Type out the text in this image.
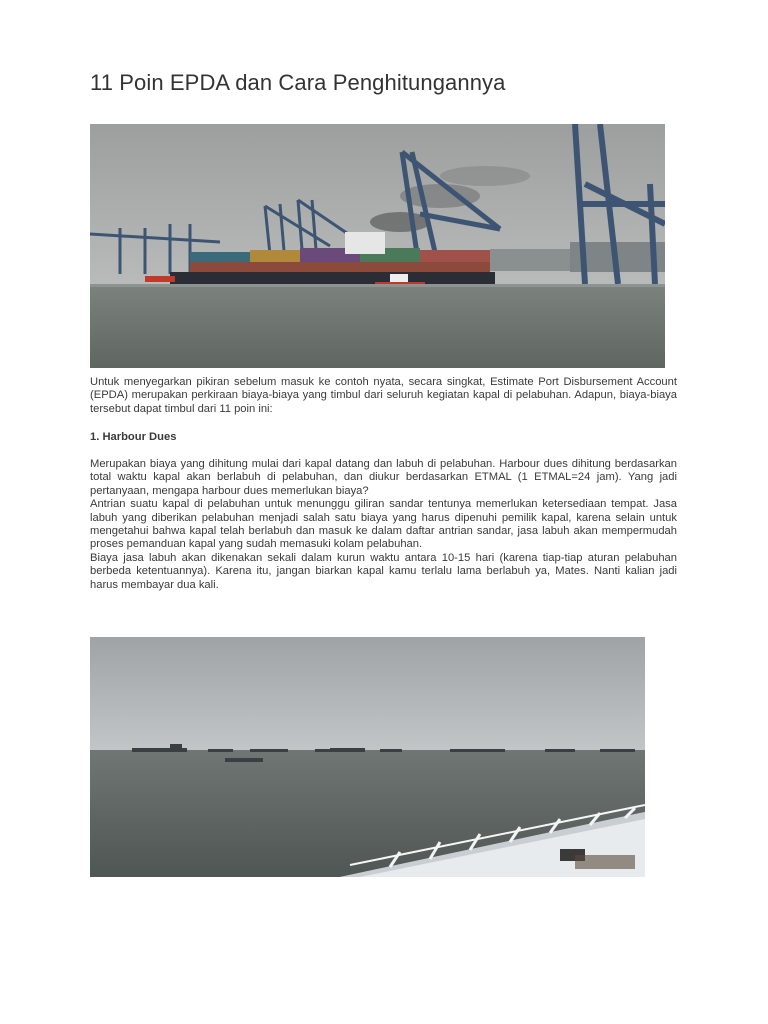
11 Poin EPDA dan Cara Penghitungannya

Untuk menyegarkan pikiran sebelum masuk ke contoh nyata, secara singkat, Estimate Port Disbursement Account (EPDA) merupakan perkiraan biaya-biaya yang timbul dari seluruh kegiatan kapal di pelabuhan. Adapun, biaya-biaya tersebut dapat timbul dari 11 poin ini:

1. Harbour Dues

Merupakan biaya yang dihitung mulai dari kapal datang dan labuh di pelabuhan. Harbour dues dihitung berdasarkan total waktu kapal akan berlabuh di pelabuhan, dan diukur berdasarkan ETMAL (1 ETMAL=24 jam). Yang jadi pertanyaan, mengapa harbour dues memerlukan biaya?

Antrian suatu kapal di pelabuhan untuk menunggu giliran sandar tentunya memerlukan ketersediaan tempat. Jasa labuh yang diberikan pelabuhan menjadi salah satu biaya yang harus dipenuhi pemilik kapal, karena selain untuk mengetahui bahwa kapal telah berlabuh dan masuk ke dalam daftar antrian sandar, jasa labuh akan mempermudah proses pemanduan kapal yang sudah memasuki kolam pelabuhan.

Biaya jasa labuh akan dikenakan sekali dalam kurun waktu antara 10-15 hari (karena tiap-tiap aturan pelabuhan berbeda ketentuannya). Karena itu, jangan biarkan kapal kamu terlalu lama berlabuh ya, Mates. Nanti kalian jadi harus membayar dua kali.
